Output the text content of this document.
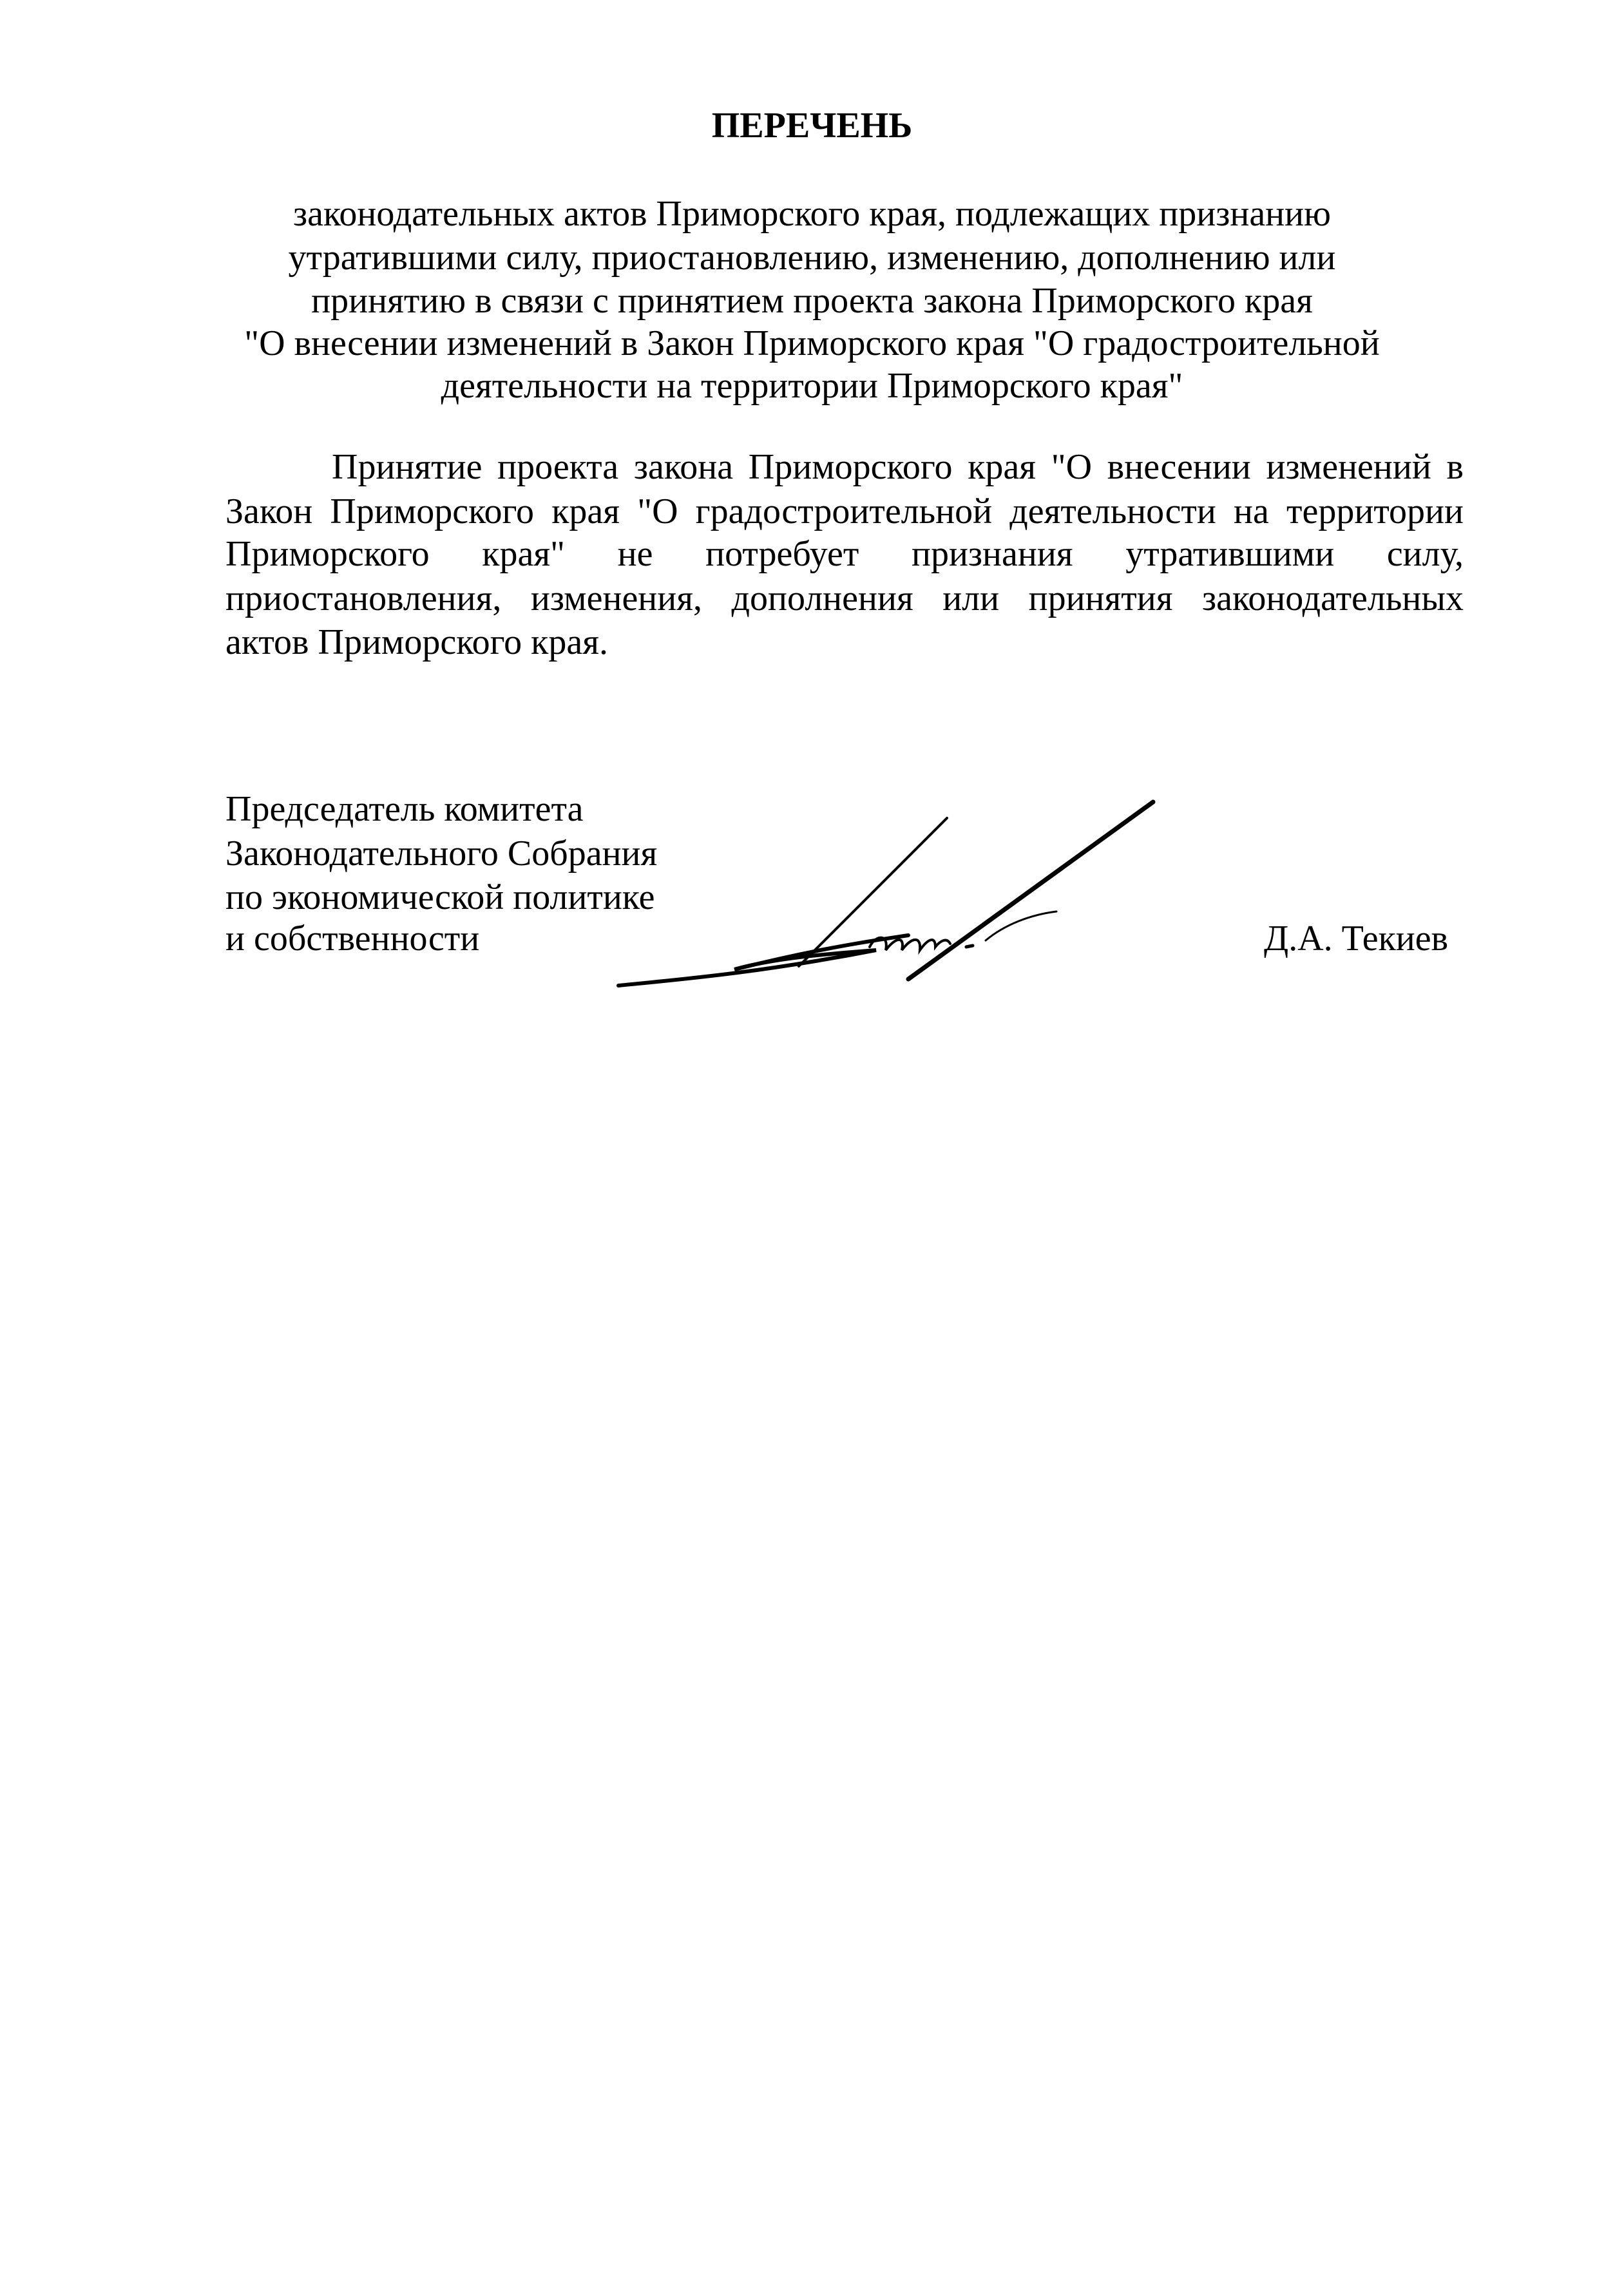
ПЕРЕЧЕНЬ
законодательных актов Приморского края, подлежащих признанию
утратившими силу, приостановлению, изменению, дополнению или
принятию в связи с принятием проекта закона Приморского края
"О внесении изменений в Закон Приморского края "О градостроительной
деятельности на территории Приморского края"
Принятие проекта закона Приморского края "О внесении изменений в
Закон Приморского края "О градостроительной деятельности на территории
Приморского края" не потребует признания утратившими силу,
приостановления, изменения, дополнения или принятия законодательных
актов Приморского края.
Председатель комитета
Законодательного Собрания
по экономической политике
и собственности	Д.А. Текиев
